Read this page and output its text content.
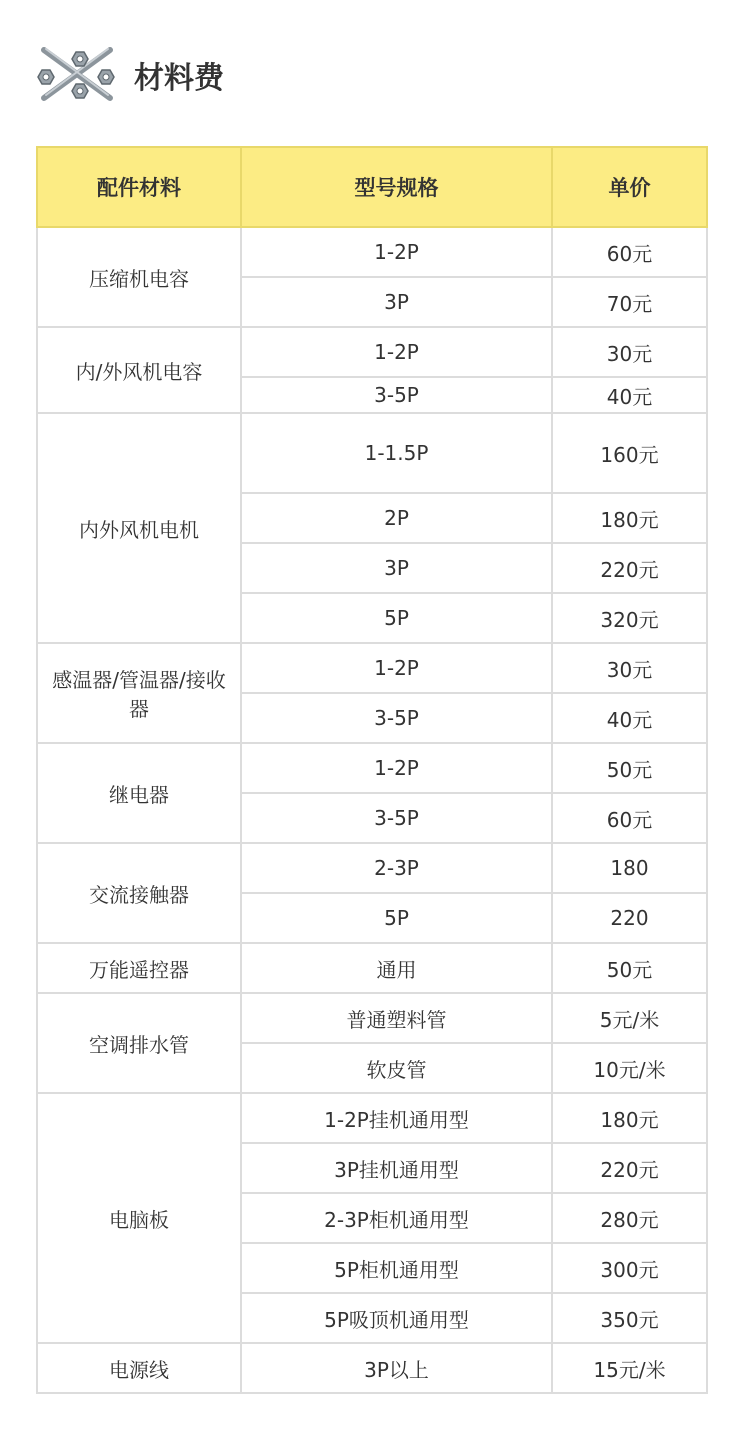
材料费
配件材料	型号规格	单价
压缩机电容	1-2P	60元
	3P	70元
内/外风机电容	1-2P	30元
	3-5P	40元
内外风机电机	1-1.5P	160元
	2P	180元
	3P	220元
	5P	320元
感温器/管温器/接收器	1-2P	30元
	3-5P	40元
继电器	1-2P	50元
	3-5P	60元
交流接触器	2-3P	180
	5P	220
万能遥控器	通用	50元
空调排水管	普通塑料管	5元/米
	软皮管	10元/米
电脑板	1-2P挂机通用型	180元
	3P挂机通用型	220元
	2-3P柜机通用型	280元
	5P柜机通用型	300元
	5P吸顶机通用型	350元
电源线	3P以上	15元/米
